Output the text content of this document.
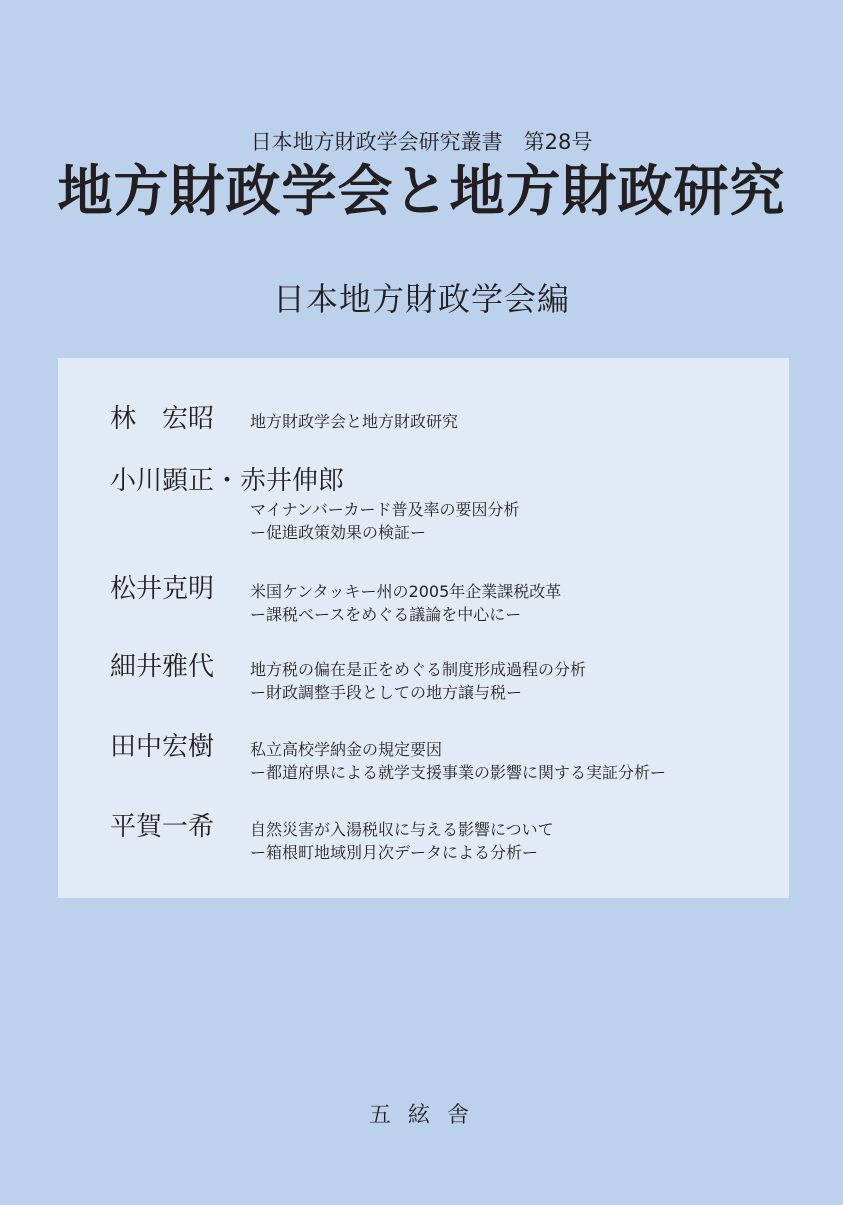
日本地方財政学会研究叢書　第28号
地方財政学会と地方財政研究
日本地方財政学会編
林　宏昭 地方財政学会と地方財政研究
小川顕正・赤井伸郎
マイナンバーカード普及率の要因分析
ー促進政策効果の検証ー
松井克明 米国ケンタッキー州の2005年企業課税改革
ー課税ベースをめぐる議論を中心にー
細井雅代 地方税の偏在是正をめぐる制度形成過程の分析
ー財政調整手段としての地方譲与税ー
田中宏樹 私立高校学納金の規定要因
ー都道府県による就学支援事業の影響に関する実証分析ー
平賀一希 自然災害が入湯税収に与える影響について
ー箱根町地域別月次データによる分析ー
五 絃 舎
